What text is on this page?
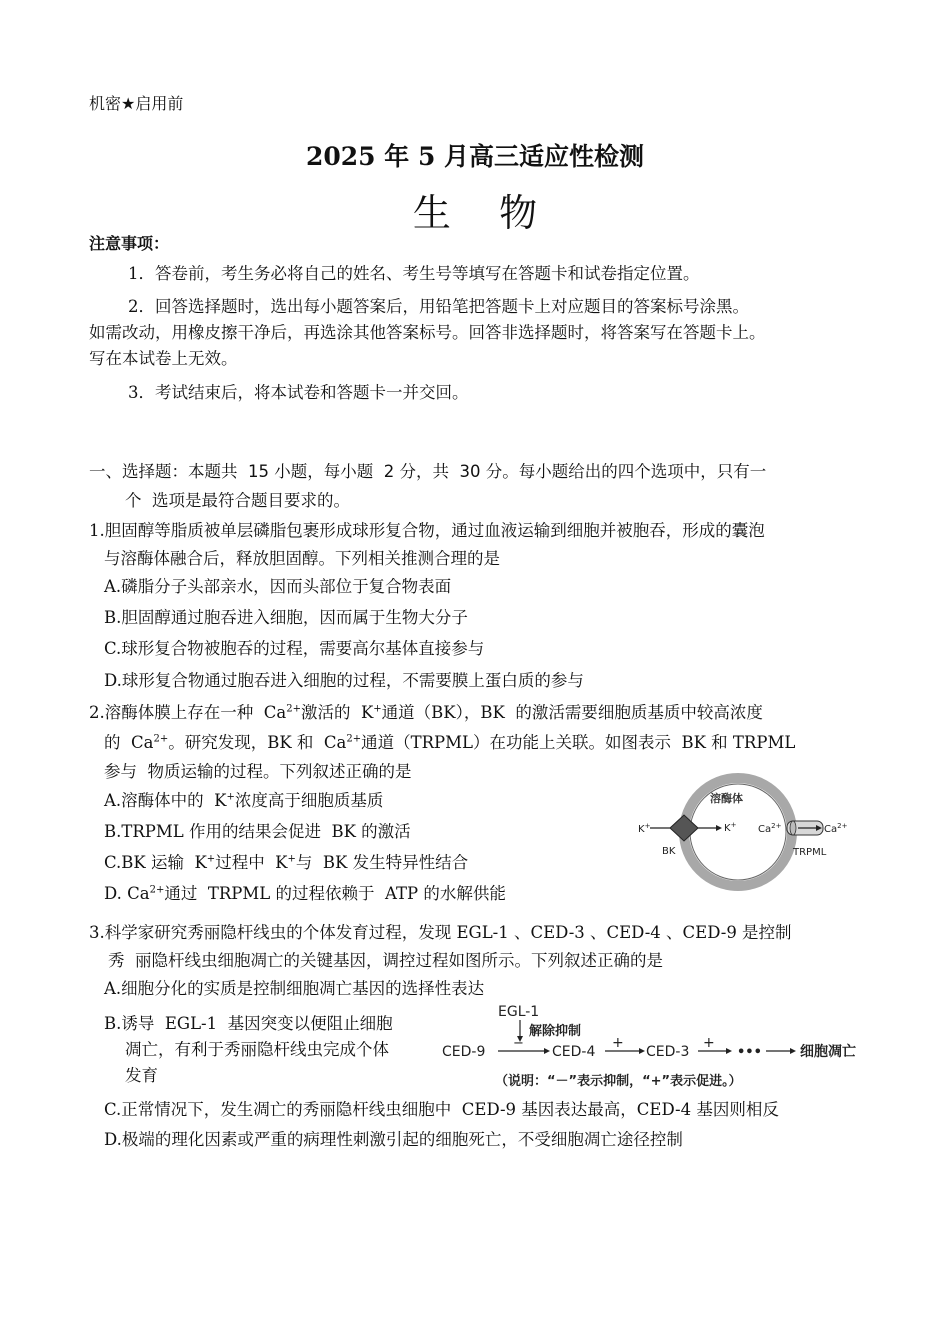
机密★启用前
2025 年 5 月高三适应性检测
生    物
注意事项：
1．答卷前，考生务必将自己的姓名、考生号等填写在答题卡和试卷指定位置。
2．回答选择题时，选出每小题答案后，用铅笔把答题卡上对应题目的答案标号涂黑。
如需改动，用橡皮擦干净后，再选涂其他答案标号。回答非选择题时，将答案写在答题卡上。
写在本试卷上无效。
3．考试结束后，将本试卷和答题卡一并交回。
一、选择题：本题共  15 小题，每小题  2 分，共  30 分。每小题给出的四个选项中，只有一
个  选项是最符合题目要求的。
1.胆固醇等脂质被单层磷脂包裹形成球形复合物，通过血液运输到细胞并被胞吞，形成的囊泡
与溶酶体融合后，释放胆固醇。下列相关推测合理的是
A.磷脂分子头部亲水，因而头部位于复合物表面
B.胆固醇通过胞吞进入细胞，因而属于生物大分子
C.球形复合物被胞吞的过程，需要高尔基体直接参与
D.球形复合物通过胞吞进入细胞的过程，不需要膜上蛋白质的参与
2.溶酶体膜上存在一种  $Ca^{2+}$激活的  K+通道（BK），BK  的激活需要细胞质基质中较高浓度
的  $Ca^{2+}$。研究发现，BK 和  $Ca^{2+}$通道（TRPML）在功能上关联。如图表示  BK 和 TRPML
参与  物质运输的过程。下列叙述正确的是
A.溶酶体中的  K+浓度高于细胞质基质
B.TRPML 作用的结果会促进  BK 的激活
C.BK 运输  K+过程中  K+与  BK 发生特异性结合
D. $Ca^{2+}$通过  TRPML 的过程依赖于  ATP 的水解供能
溶酶体
K+	K+
BK
$Ca^{2+}$	$Ca^{2+}$
TRPML
3.科学家研究秀丽隐杆线虫的个体发育过程，发现 EGL-1 、CED-3 、CED-4 、CED-9 是控制
秀  丽隐杆线虫细胞凋亡的关键基因，调控过程如图所示。下列叙述正确的是
A.细胞分化的实质是控制细胞凋亡基因的选择性表达
B.诱导  EGL-1  基因突变以便阻止细胞
凋亡，有利于秀丽隐杆线虫完成个体
发育
C.正常情况下，发生凋亡的秀丽隐杆线虫细胞中  CED-9 基因表达最高，CED-4 基因则相反
D.极端的理化因素或严重的病理性刺激引起的细胞死亡，不受细胞凋亡途径控制
EGL-1
解除抑制
CED-9
−
CED-4
+
CED-3
+
•••	细胞凋亡
（说明：“－”表示抑制，“+”表示促进。）
